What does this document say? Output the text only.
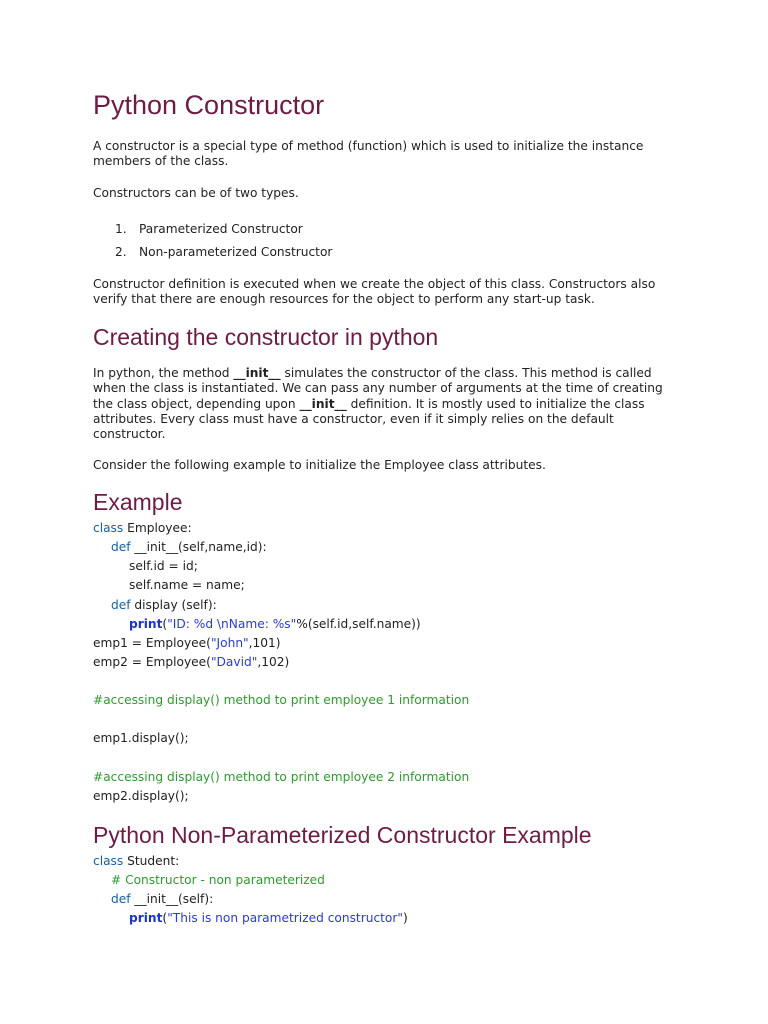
Python Constructor

A constructor is a special type of method (function) which is used to initialize the instance members of the class.

Constructors can be of two types.

1. Parameterized Constructor
2. Non-parameterized Constructor

Constructor definition is executed when we create the object of this class. Constructors also verify that there are enough resources for the object to perform any start-up task.

Creating the constructor in python

In python, the method __init__ simulates the constructor of the class. This method is called when the class is instantiated. We can pass any number of arguments at the time of creating the class object, depending upon __init__ definition. It is mostly used to initialize the class attributes. Every class must have a constructor, even if it simply relies on the default constructor.

Consider the following example to initialize the Employee class attributes.

Example
class Employee:
def __init__(self,name,id):
self.id = id;
self.name = name;
def display (self):
print("ID: %d \nName: %s"%(self.id,self.name))
emp1 = Employee("John",101)
emp2 = Employee("David",102)
#accessing display() method to print employee 1 information
emp1.display();
#accessing display() method to print employee 2 information
emp2.display();
Python Non-Parameterized Constructor Example
class Student:
# Constructor - non parameterized
def __init__(self):
print("This is non parametrized constructor")
